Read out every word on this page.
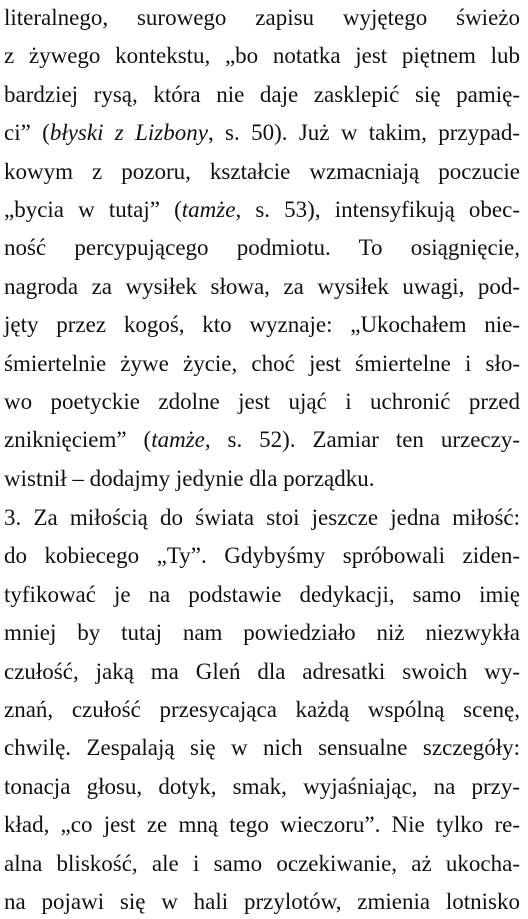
literalnego, surowego zapisu wyjętego świeżo
z żywego kontekstu, „bo notatka jest piętnem lub
bardziej rysą, która nie daje zasklepić się pamię-
ci” (błyski z Lizbony, s. 50). Już w takim, przypad-
kowym z pozoru, kształcie wzmacniają poczucie
„bycia w tutaj” (tamże, s. 53), intensyfikują obec-
ność percypującego podmiotu. To osiągnięcie,
nagroda za wysiłek słowa, za wysiłek uwagi, pod-
jęty przez kogoś, kto wyznaje: „Ukochałem nie-
śmiertelnie żywe życie, choć jest śmiertelne i sło-
wo poetyckie zdolne jest ująć i uchronić przed
zniknięciem” (tamże, s. 52). Zamiar ten urzeczy-
wistnił – dodajmy jedynie dla porządku.
3. Za miłością do świata stoi jeszcze jedna miłość:
do kobiecego „Ty”. Gdybyśmy spróbowali ziden-
tyfikować je na podstawie dedykacji, samo imię
mniej by tutaj nam powiedziało niż niezwykła
czułość, jaką ma Gleń dla adresatki swoich wy-
znań, czułość przesycająca każdą wspólną scenę,
chwilę. Zespalają się w nich sensualne szczegóły:
tonacja głosu, dotyk, smak, wyjaśniając, na przy-
kład, „co jest ze mną tego wieczoru”. Nie tylko re-
alna bliskość, ale i samo oczekiwanie, aż ukocha-
na pojawi się w hali przylotów, zmienia lotnisko
